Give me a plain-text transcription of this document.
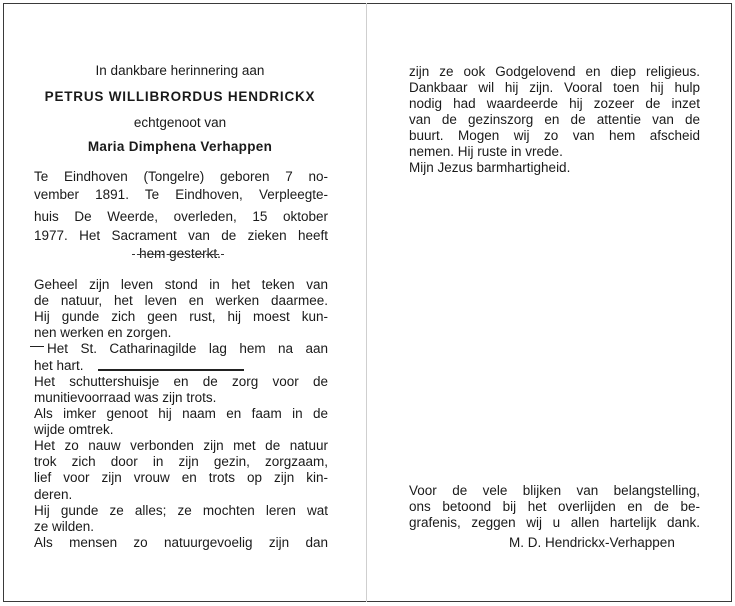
In dankbare herinnering aan
PETRUS WILLIBRORDUS HENDRICKX
echtgenoot van
Maria Dimphena Verhappen
Te Eindhoven (Tongelre) geboren 7 no-
vember 1891. Te Eindhoven, Verpleegte-
huis De Weerde, overleden, 15 oktober
1977. Het Sacrament van de zieken heeft
hem gesterkt.
Geheel zijn leven stond in het teken van
de natuur, het leven en werken daarmee.
Hij gunde zich geen rust, hij moest kun-
nen werken en zorgen.
Het St. Catharinagilde lag hem na aan
het hart.
Het schuttershuisje en de zorg voor de
munitievoorraad was zijn trots.
Als imker genoot hij naam en faam in de
wijde omtrek.
Het zo nauw verbonden zijn met de natuur
trok zich door in zijn gezin, zorgzaam,
lief voor zijn vrouw en trots op zijn kin-
deren.
Hij gunde ze alles; ze mochten leren wat
ze wilden.
Als mensen zo natuurgevoelig zijn dan
zijn ze ook Godgelovend en diep religieus.
Dankbaar wil hij zijn. Vooral toen hij hulp
nodig had waardeerde hij zozeer de inzet
van de gezinszorg en de attentie van de
buurt. Mogen wij zo van hem afscheid
nemen. Hij ruste in vrede.
Mijn Jezus barmhartigheid.
Voor de vele blijken van belangstelling,
ons betoond bij het overlijden en de be-
grafenis, zeggen wij u allen hartelijk dank.
M. D. Hendrickx-Verhappen
